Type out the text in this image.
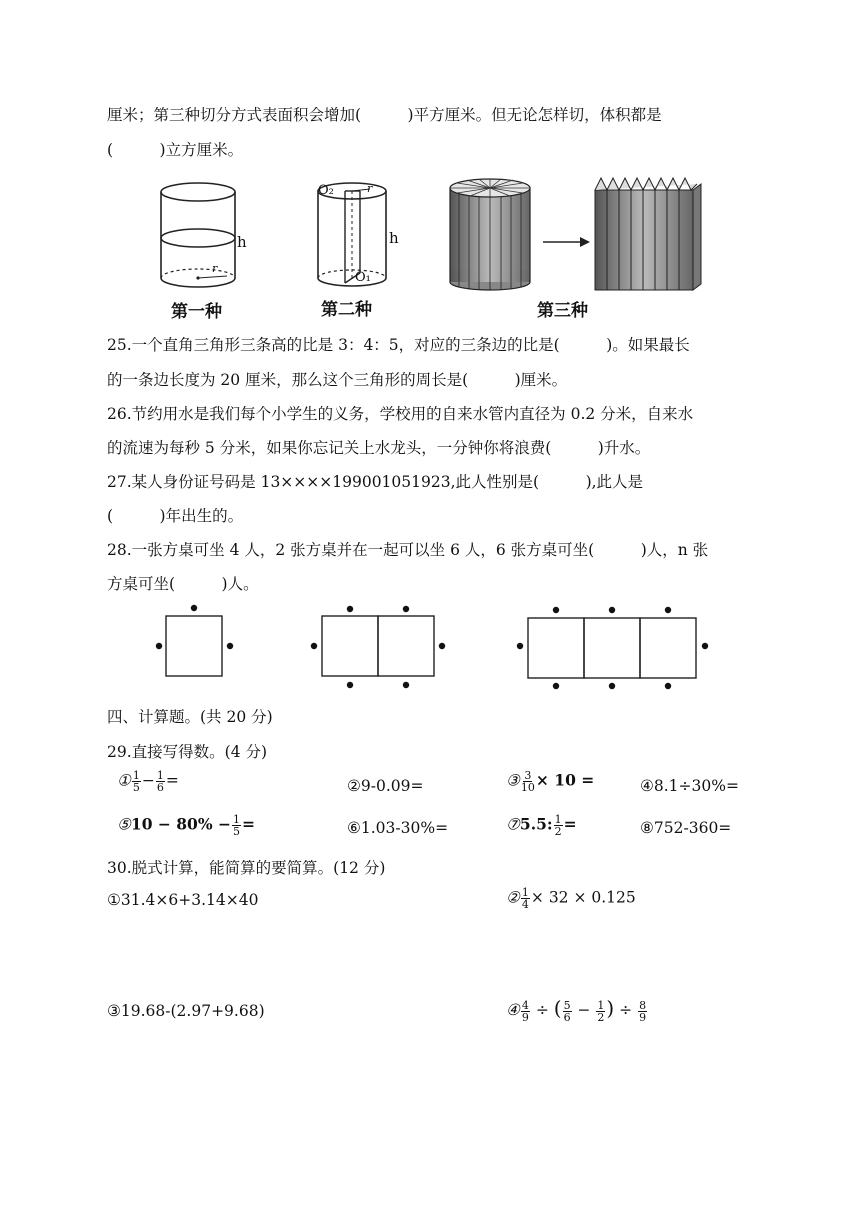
厘米；第三种切分方式表面积会增加(　　　)平方厘米。但无论怎样切，体积都是
(　　　)立方厘米。
h
r
第一种
O₂	r
h
O₁
第二种	第三种
25.一个直角三角形三条高的比是 3：4：5，对应的三条边的比是(　　　)。如果最长
的一条边长度为 20 厘米，那么这个三角形的周长是(　　　)厘米。
26.节约用水是我们每个小学生的义务，学校用的自来水管内直径为 0.2 分米，自来水
的流速为每秒 5 分米，如果你忘记关上水龙头，一分钟你将浪费(　　　)升水。
27.某人身份证号码是 13××××199001051923,此人性别是(　　　),此人是
(　　　)年出生的。
28.一张方桌可坐 4 人，2 张方桌并在一起可以坐 6 人，6 张方桌可坐(　　　)人，n 张
方桌可坐(　　　)人。
四、计算题。(共 20 分)
29.直接写得数。(4 分)
① $\frac{1}{5} - \frac{1}{6}$ =	②9-0.09=	③ $\frac{3}{10} \times 10$ =	④8.1÷30%=
⑤10 − $80\% - \frac{1}{5}$ =	⑥1.03-30%=	⑦5.5: $\frac{1}{2}$ =	⑧752-360=
30.脱式计算，能简算的要简算。(12 分)
①31.4×6+3.14×40	② $\frac{1}{4} \times 32 \times 0.125$
③19.68-(2.97+9.68)	④ $\frac{4}{9}$ ÷ ( $\frac{5}{6} - \frac{1}{2}$ ) ÷ $\frac{8}{9}$
